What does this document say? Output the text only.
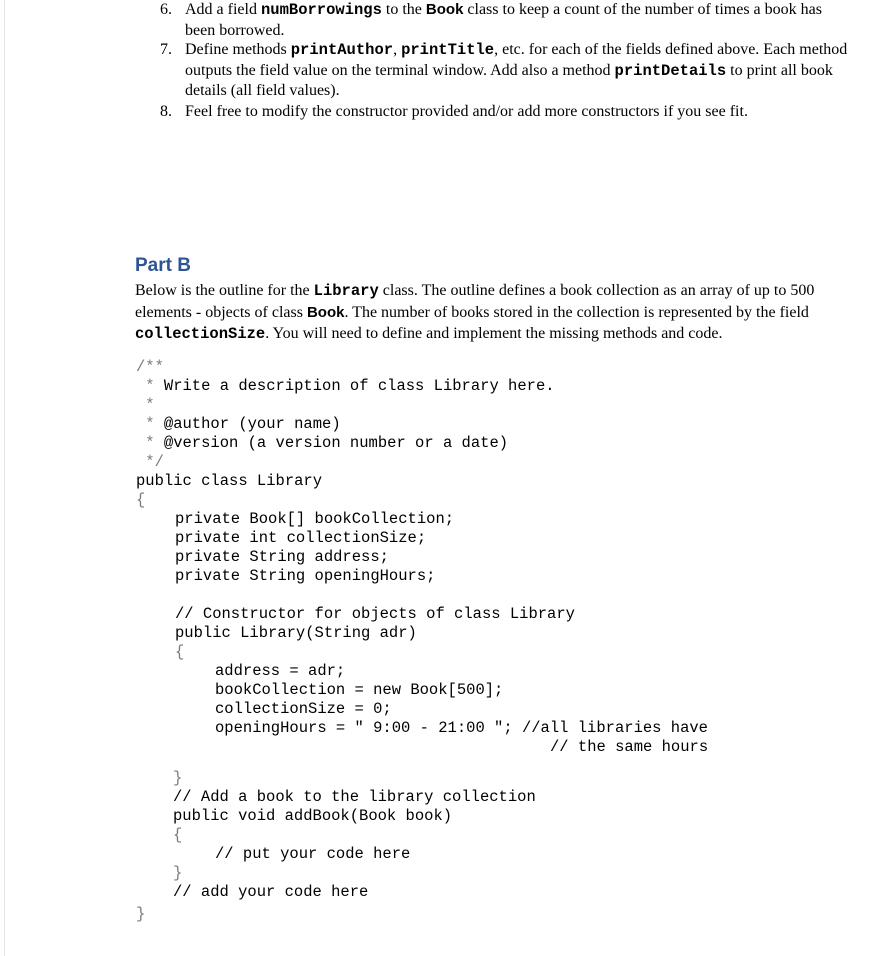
6. Add a field numBorrowings to the Book class to keep a count of the number of times a book has been borrowed.
7. Define methods printAuthor, printTitle, etc. for each of the fields defined above. Each method outputs the field value on the terminal window. Add also a method printDetails to print all book details (all field values).
8. Feel free to modify the constructor provided and/or add more constructors if you see fit.
Part B

Below is the outline for the Library class. The outline defines a book collection as an array of up to 500 elements - objects of class Book. The number of books stored in the collection is represented by the field collectionSize. You will need to define and implement the missing methods and code.

/**
* Write a description of class Library here.
*
* @author (your name)
* @version (a version number or a date)
*/
public class Library
{
private Book[] bookCollection;
private int collectionSize;
private String address;
private String openingHours;
// Constructor for objects of class Library
public Library(String adr)
{
address = adr;
bookCollection = new Book[500];
collectionSize = 0;
openingHours = " 9:00 - 21:00 "; //all libraries have
// the same hours
}
// Add a book to the library collection
public void addBook(Book book)
{
// put your code here
}
// add your code here
}
